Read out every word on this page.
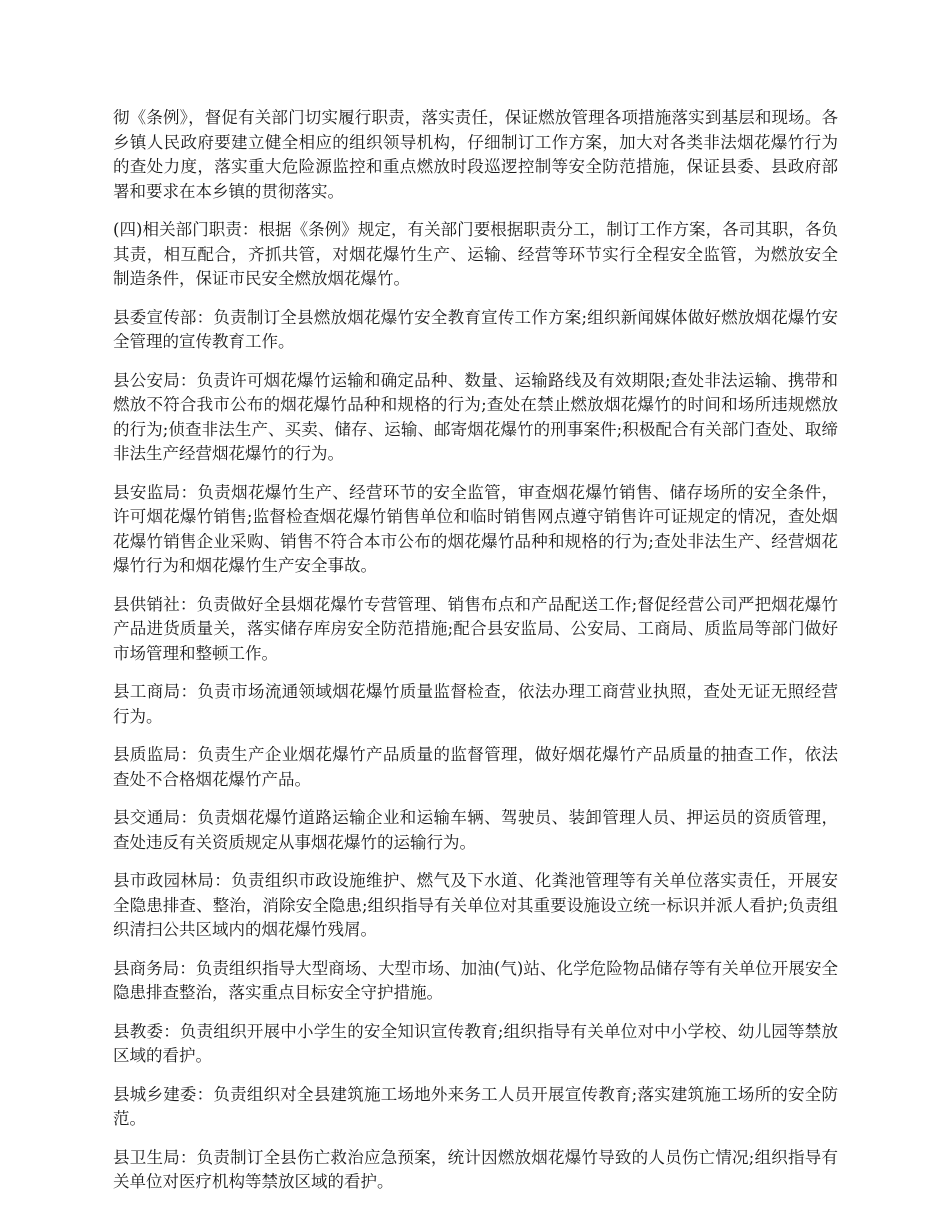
彻《条例》，督促有关部门切实履行职责，落实责任，保证燃放管理各项措施落实到基层和现场。各乡镇人民政府要建立健全相应的组织领导机构，仔细制订工作方案，加大对各类非法烟花爆竹行为的查处力度，落实重大危险源监控和重点燃放时段巡逻控制等安全防范措施，保证县委、县政府部署和要求在本乡镇的贯彻落实。

(四)相关部门职责：根据《条例》规定，有关部门要根据职责分工，制订工作方案，各司其职，各负其责，相互配合，齐抓共管，对烟花爆竹生产、运输、经营等环节实行全程安全监管，为燃放安全制造条件，保证市民安全燃放烟花爆竹。

县委宣传部：负责制订全县燃放烟花爆竹安全教育宣传工作方案;组织新闻媒体做好燃放烟花爆竹安全管理的宣传教育工作。

县公安局：负责许可烟花爆竹运输和确定品种、数量、运输路线及有效期限;查处非法运输、携带和燃放不符合我市公布的烟花爆竹品种和规格的行为;查处在禁止燃放烟花爆竹的时间和场所违规燃放的行为;侦查非法生产、买卖、储存、运输、邮寄烟花爆竹的刑事案件;积极配合有关部门查处、取缔非法生产经营烟花爆竹的行为。

县安监局：负责烟花爆竹生产、经营环节的安全监管，审查烟花爆竹销售、储存场所的安全条件，许可烟花爆竹销售;监督检查烟花爆竹销售单位和临时销售网点遵守销售许可证规定的情况，查处烟花爆竹销售企业采购、销售不符合本市公布的烟花爆竹品种和规格的行为;查处非法生产、经营烟花爆竹行为和烟花爆竹生产安全事故。

县供销社：负责做好全县烟花爆竹专营管理、销售布点和产品配送工作;督促经营公司严把烟花爆竹产品进货质量关，落实储存库房安全防范措施;配合县安监局、公安局、工商局、质监局等部门做好市场管理和整顿工作。

县工商局：负责市场流通领域烟花爆竹质量监督检查，依法办理工商营业执照，查处无证无照经营行为。

县质监局：负责生产企业烟花爆竹产品质量的监督管理，做好烟花爆竹产品质量的抽查工作，依法查处不合格烟花爆竹产品。

县交通局：负责烟花爆竹道路运输企业和运输车辆、驾驶员、装卸管理人员、押运员的资质管理，查处违反有关资质规定从事烟花爆竹的运输行为。

县市政园林局：负责组织市政设施维护、燃气及下水道、化粪池管理等有关单位落实责任，开展安全隐患排查、整治，消除安全隐患;组织指导有关单位对其重要设施设立统一标识并派人看护;负责组织清扫公共区域内的烟花爆竹残屑。

县商务局：负责组织指导大型商场、大型市场、加油(气)站、化学危险物品储存等有关单位开展安全隐患排查整治，落实重点目标安全守护措施。

县教委：负责组织开展中小学生的安全知识宣传教育;组织指导有关单位对中小学校、幼儿园等禁放区域的看护。

县城乡建委：负责组织对全县建筑施工场地外来务工人员开展宣传教育;落实建筑施工场所的安全防范。

县卫生局：负责制订全县伤亡救治应急预案，统计因燃放烟花爆竹导致的人员伤亡情况;组织指导有关单位对医疗机构等禁放区域的看护。
